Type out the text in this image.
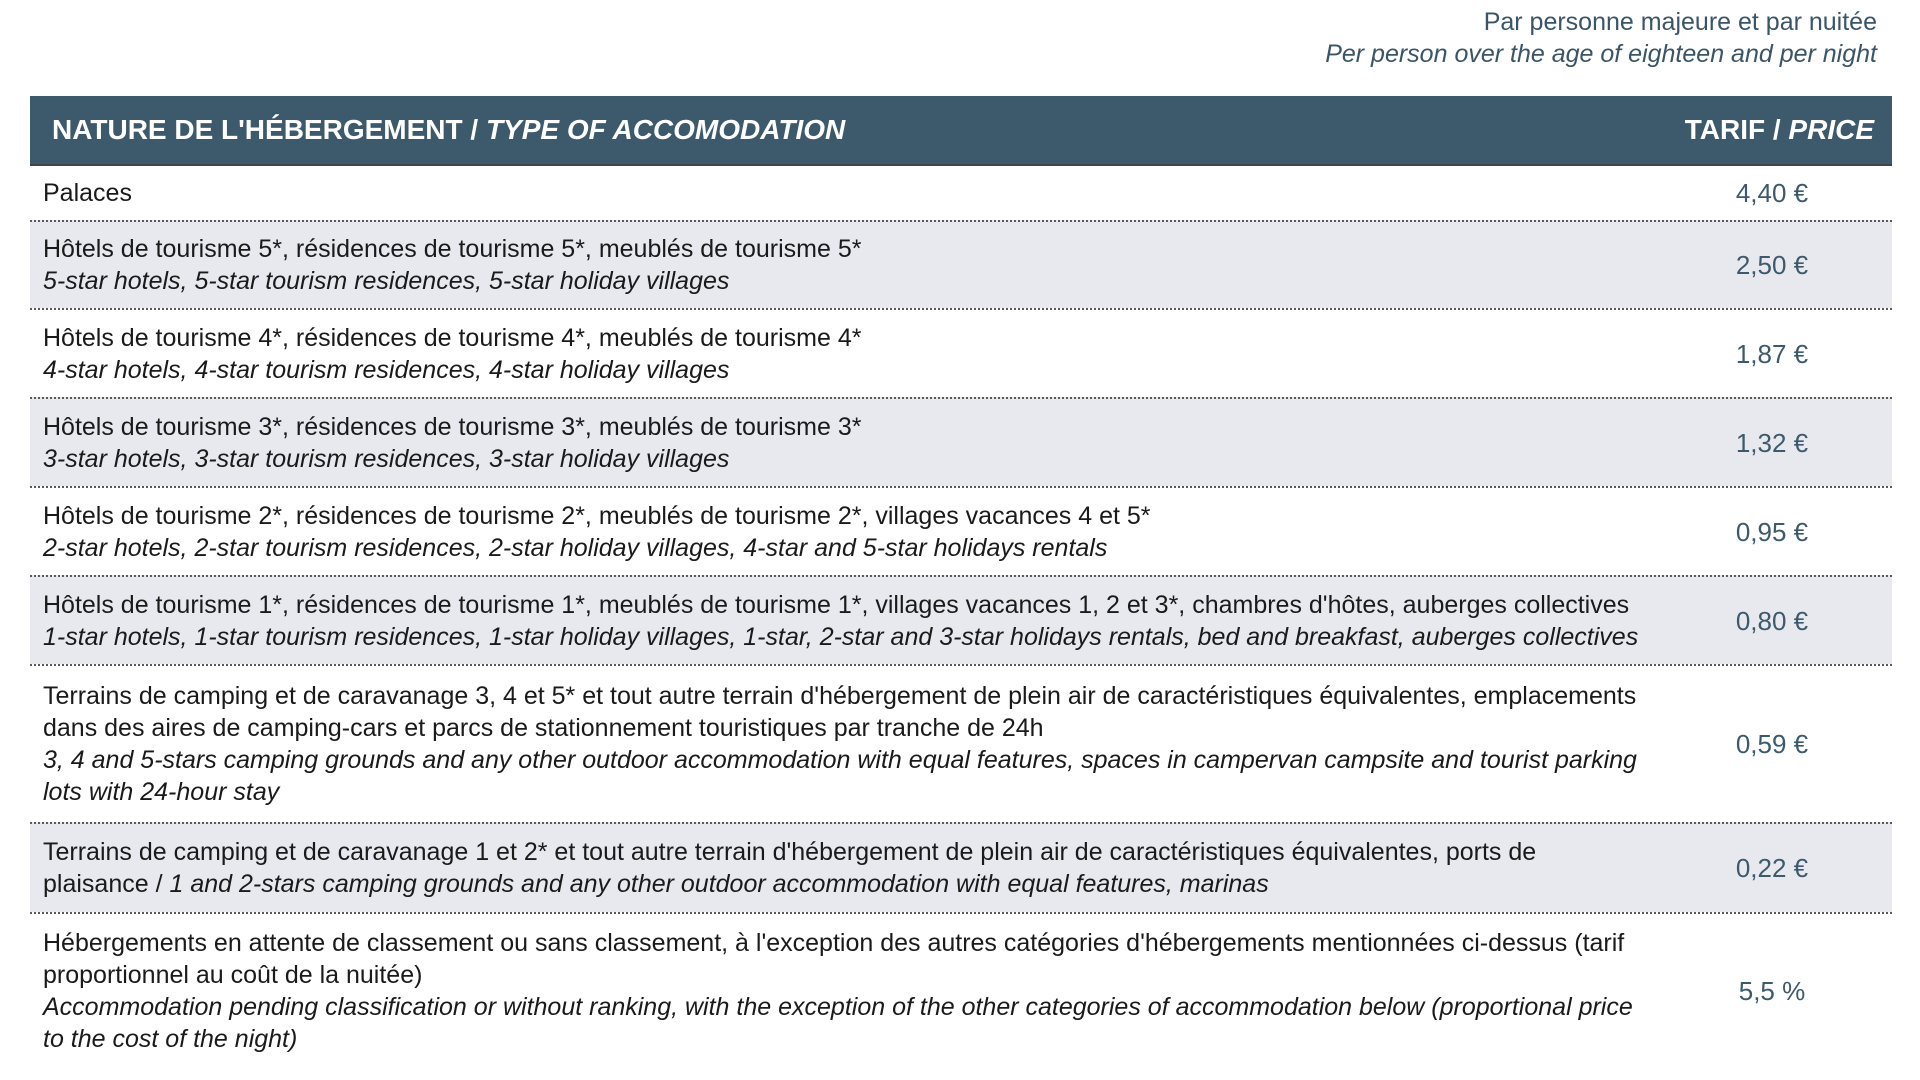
Par personne majeure et par nuitée
Per person over the age of eighteen and per night
NATURE DE L'HÉBERGEMENT / TYPE OF ACCOMODATION	TARIF / PRICE
Palaces	4,40 €
Hôtels de tourisme 5*, résidences de tourisme 5*, meublés de tourisme 5*
5-star hotels, 5-star tourism residences, 5-star holiday villages
2,50 €
Hôtels de tourisme 4*, résidences de tourisme 4*, meublés de tourisme 4*
4-star hotels, 4-star tourism residences, 4-star holiday villages
1,87 €
Hôtels de tourisme 3*, résidences de tourisme 3*, meublés de tourisme 3*
3-star hotels, 3-star tourism residences, 3-star holiday villages
1,32 €
Hôtels de tourisme 2*, résidences de tourisme 2*, meublés de tourisme 2*, villages vacances 4 et 5*
2-star hotels, 2-star tourism residences, 2-star holiday villages, 4-star and 5-star holidays rentals
0,95 €
Hôtels de tourisme 1*, résidences de tourisme 1*, meublés de tourisme 1*, villages vacances 1, 2 et 3*, chambres d'hôtes, auberges collectives
1-star hotels, 1-star tourism residences, 1-star holiday villages, 1-star, 2-star and 3-star holidays rentals, bed and breakfast, auberges collectives
0,80 €
Terrains de camping et de caravanage 3, 4 et 5* et tout autre terrain d'hébergement de plein air de caractéristiques équivalentes, emplacements dans des aires de camping-cars et parcs de stationnement touristiques par tranche de 24h
3, 4 and 5-stars camping grounds and any other outdoor accommodation with equal features, spaces in campervan campsite and tourist parking lots with 24-hour stay
0,59 €
Terrains de camping et de caravanage 1 et 2* et tout autre terrain d'hébergement de plein air de caractéristiques équivalentes, ports de plaisance / 1 and 2-stars camping grounds and any other outdoor accommodation with equal features, marinas
0,22 €
Hébergements en attente de classement ou sans classement, à l'exception des autres catégories d'hébergements mentionnées ci-dessus (tarif proportionnel au coût de la nuitée)
Accommodation pending classification or without ranking, with the exception of the other categories of accommodation below (proportional price to the cost of the night)
5,5 %
